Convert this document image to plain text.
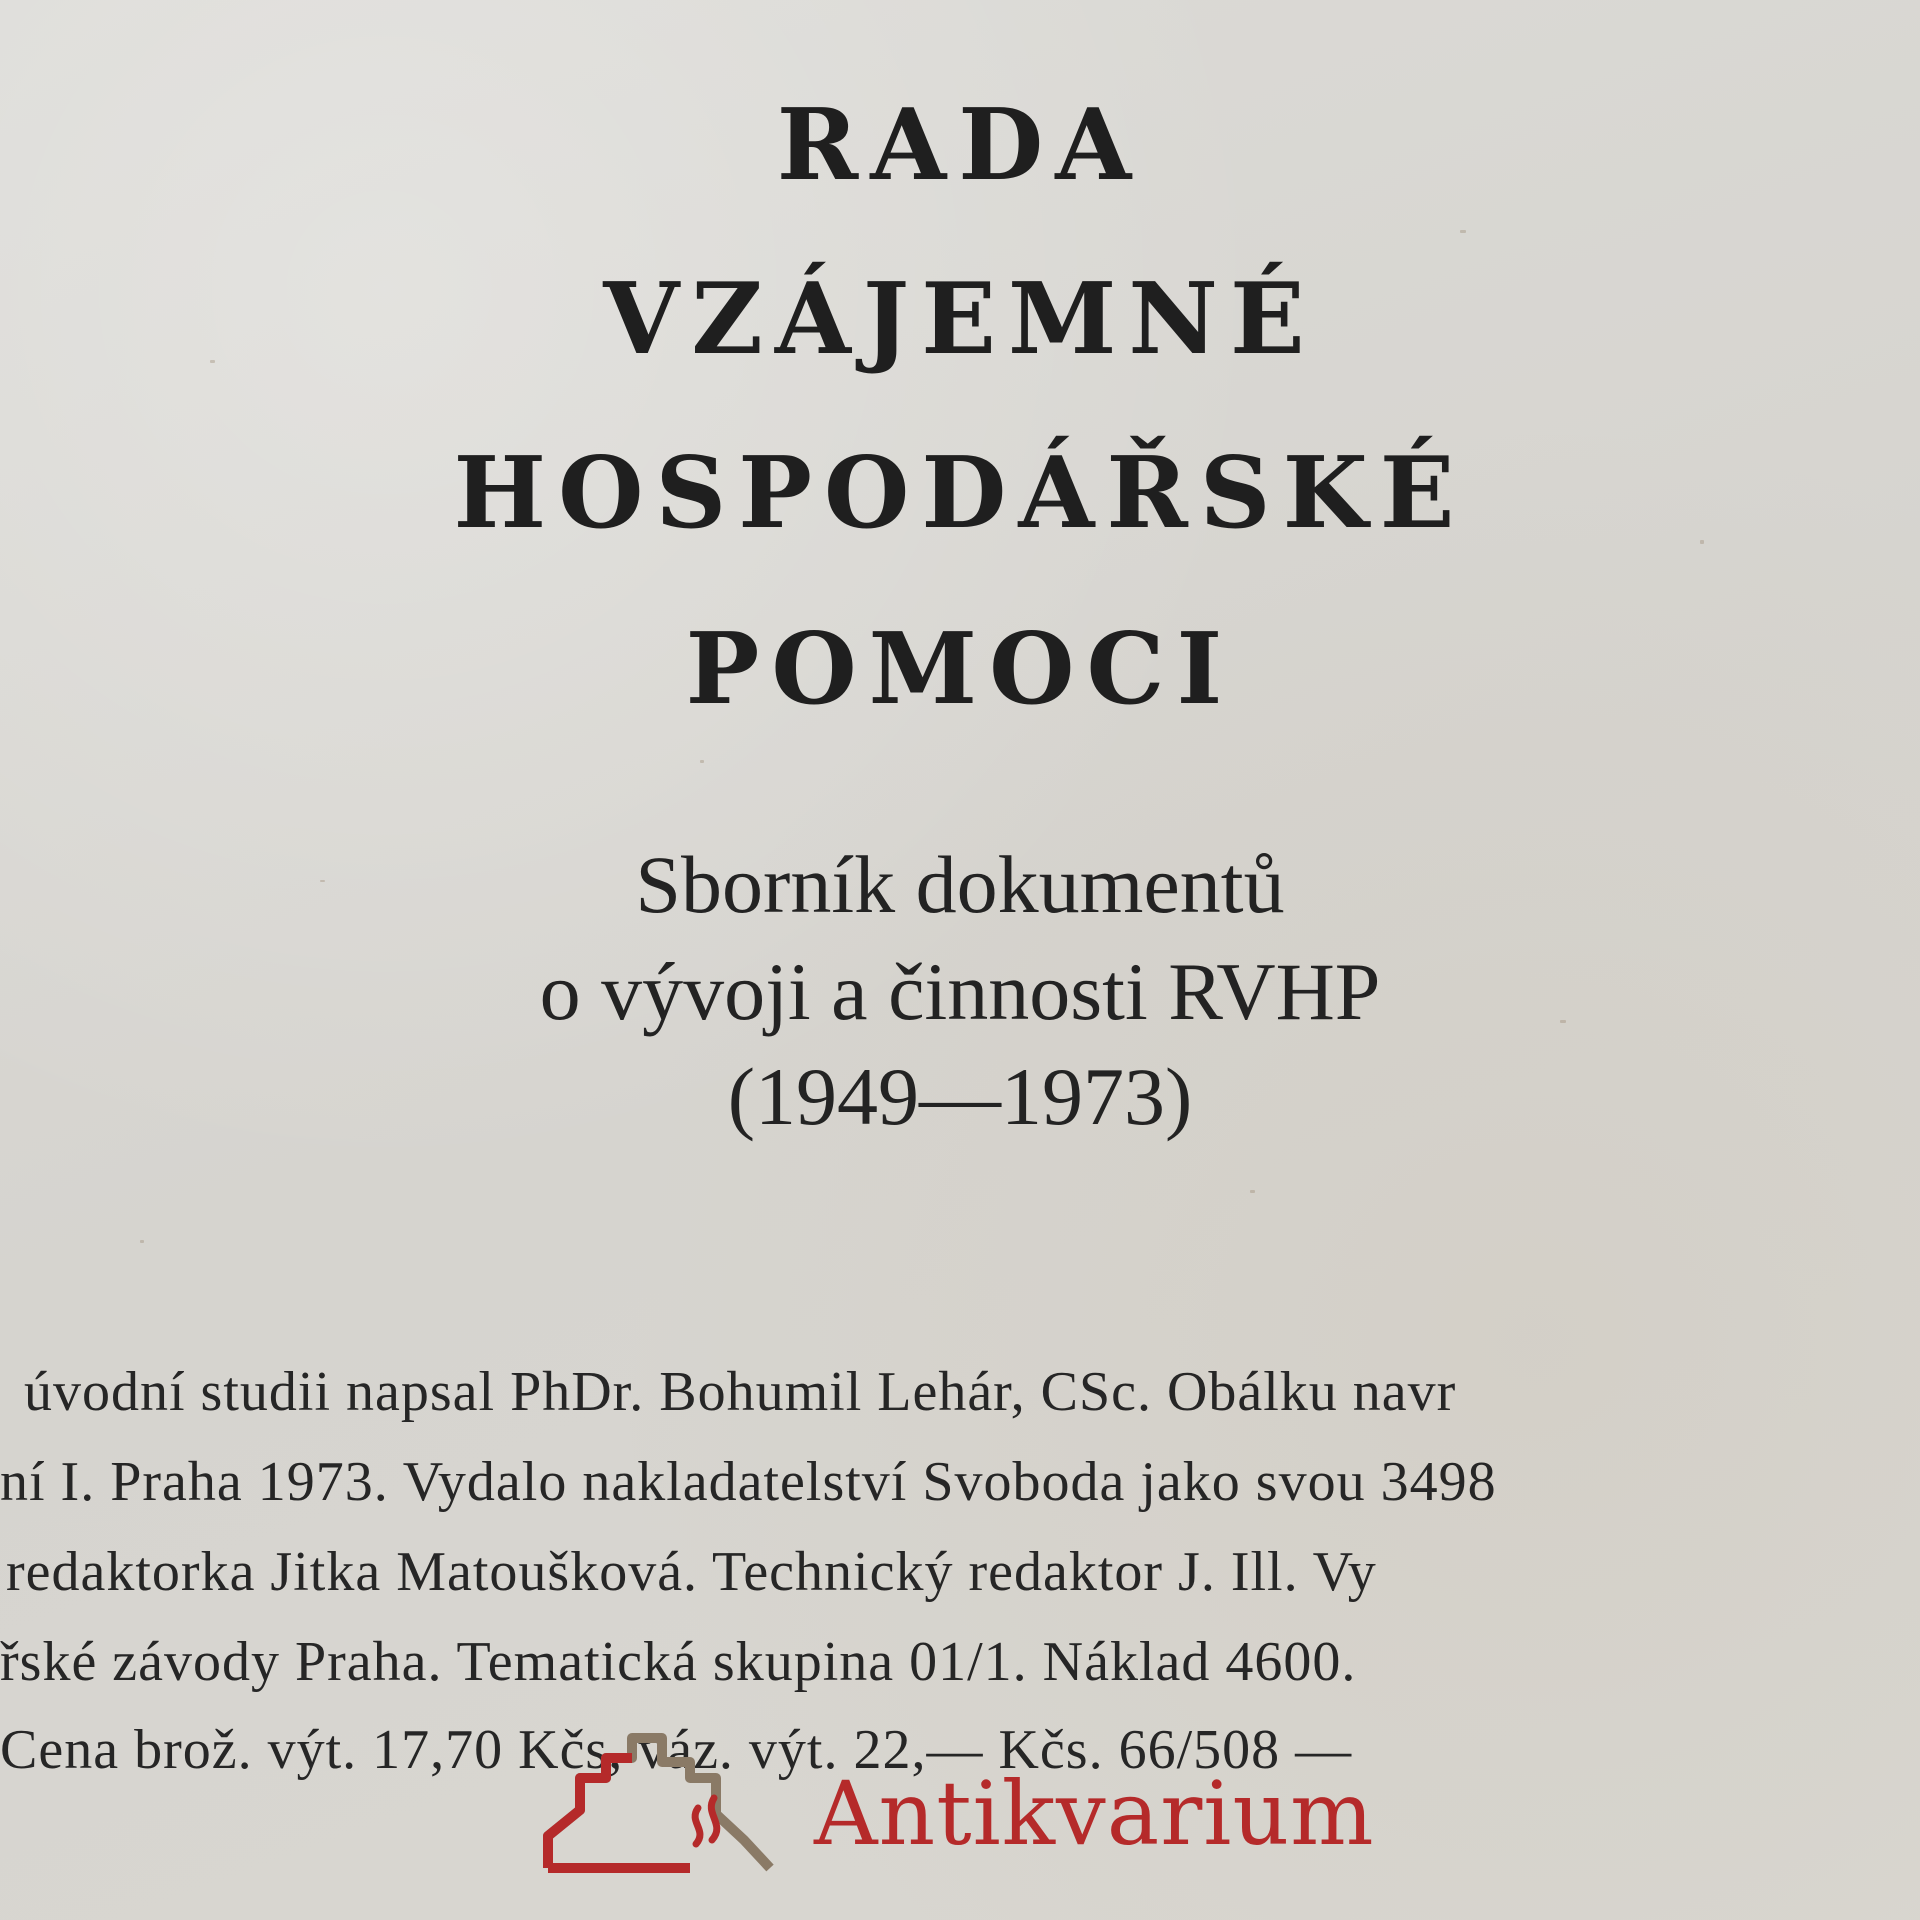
RADA
VZÁJEMNÉ
HOSPODÁŘSKÉ
POMOCI
Sborník dokumentů
o vývoji a činnosti RVHP
(1949—1973)
úvodní studii napsal PhDr. Bohumil Lehár, CSc. Obálku navr
ní I. Praha 1973. Vydalo nakladatelství Svoboda jako svou 3498
redaktorka Jitka Matoušková. Technický redaktor J. Ill. Vy
řské závody Praha. Tematická skupina 01/1. Náklad 4600.
Cena brož. výt. 17,70 Kčs, váz. výt. 22,— Kčs. 66/508 —
Antikvarium
